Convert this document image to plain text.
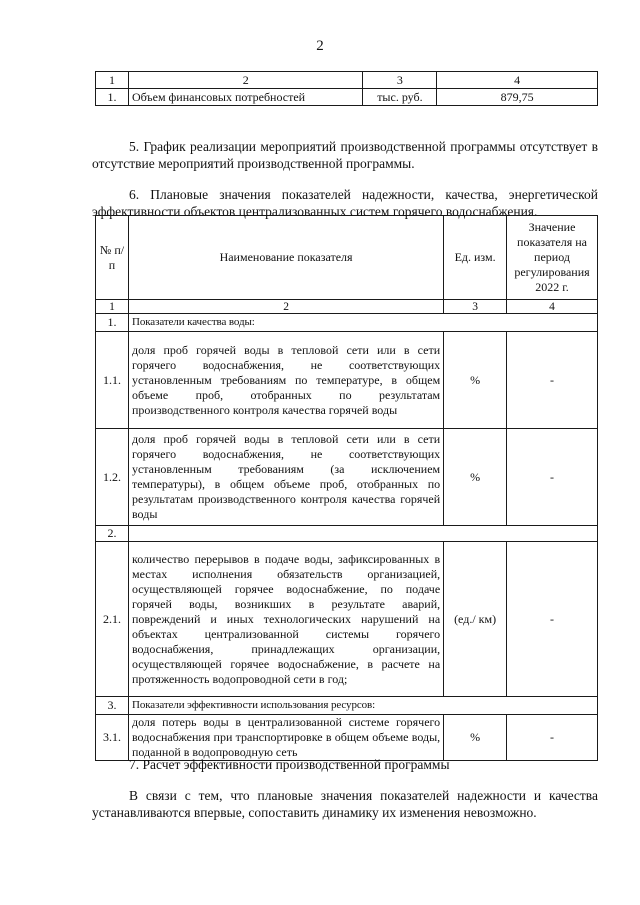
2
1	2	3	4
1.	Объем финансовых потребностей	тыс. руб.	879,75

5. График реализации мероприятий производственной программы отсутствует в отсутствие мероприятий производственной программы.

6. Плановые значения показателей надежности, качества, энергетической эффективности объектов централизованных систем горячего водоснабжения.

№ п/п	Наименование показателя	Ед. изм.	Значение показателя на период регулирования 2022 г.
1	2	3	4
1.	Показатели качества воды:		
1.1.	доля проб горячей воды в тепловой сети или в сети горячего водоснабжения, не соответствующих установленным требованиям по температуре, в общем объеме проб, отобранных по результатам производственного контроля качества горячей воды	%	-
1.2.	доля проб горячей воды в тепловой сети или в сети горячего водоснабжения, не соответствующих установленным требованиям (за исключением температуры), в общем объеме проб, отобранных по результатам производственного контроля качества горячей воды	%	-
2.			
2.1.	количество перерывов в подаче воды, зафиксированных в местах исполнения обязательств организацией, осуществляющей горячее водоснабжение, по подаче горячей воды, возникших в результате аварий, повреждений и иных технологических нарушений на объектах централизованной системы горячего водоснабжения, принадлежащих организации, осуществляющей горячее водоснабжение, в расчете на протяженность водопроводной сети в год;	(ед./ км)	-
3.	Показатели эффективности использования ресурсов:		
3.1.	доля потерь воды в централизованной системе горячего водоснабжения при транспортировке в общем объеме воды, поданной в водопроводную сеть	%	-

7. Расчет эффективности производственной программы

В связи с тем, что плановые значения показателей надежности и качества устанавливаются впервые, сопоставить динамику их изменения невозможно.
